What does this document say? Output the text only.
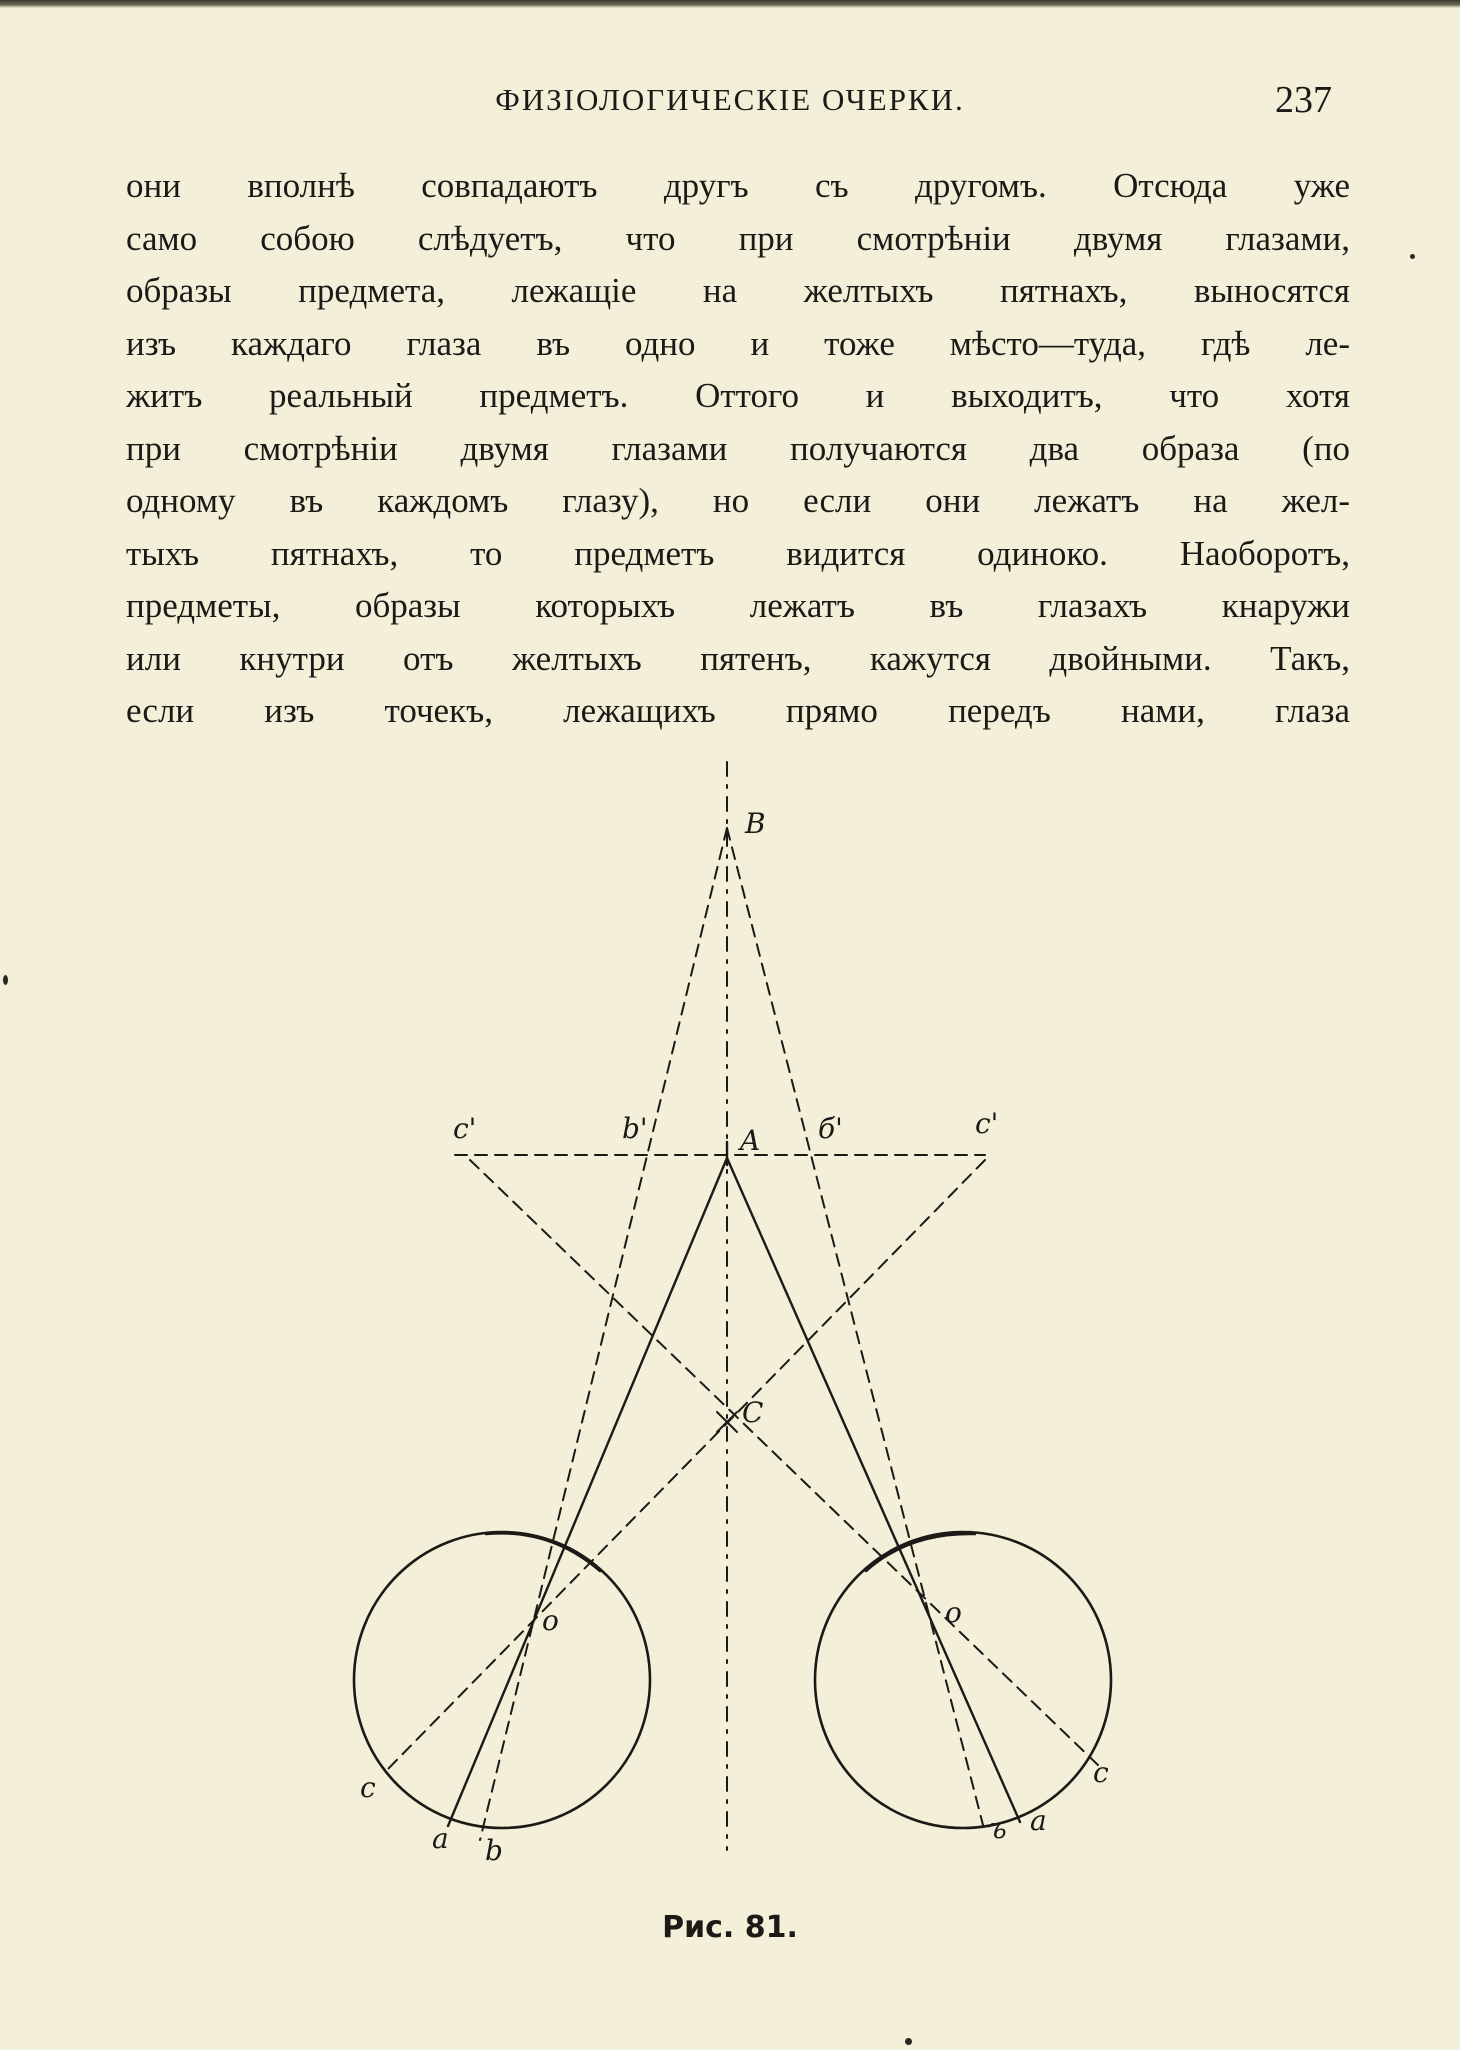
ФИЗIОЛОГИЧЕСКIЕ ОЧЕРКИ.	237
они вполнѣ совпадаютъ другъ съ другомъ. Отсюда уже
само собою слѣдуетъ, что при смотрѣнiи двумя глазами,
образы предмета, лежащiе на желтыхъ пятнахъ, выносятся
изъ каждаго глаза въ одно и тоже мѣсто—туда, гдѣ ле-
житъ реальный предметъ. Оттого и выходитъ, что хотя
при смотрѣнiи двумя глазами получаются два образа (по
одному въ каждомъ глазу), но если они лежатъ на жел-
тыхъ пятнахъ, то предметъ видится одиноко. Наоборотъ,
предметы, образы которыхъ лежатъ въ глазахъ кнаружи
или кнутри отъ желтыхъ пятенъ, кажутся двойными. Такъ,
если изъ точекъ, лежащихъ прямо передъ нами, глаза
B
A
C
c'	b'	б'	c'
o	o
c
a b
ъ a
c
Рис. 81.
